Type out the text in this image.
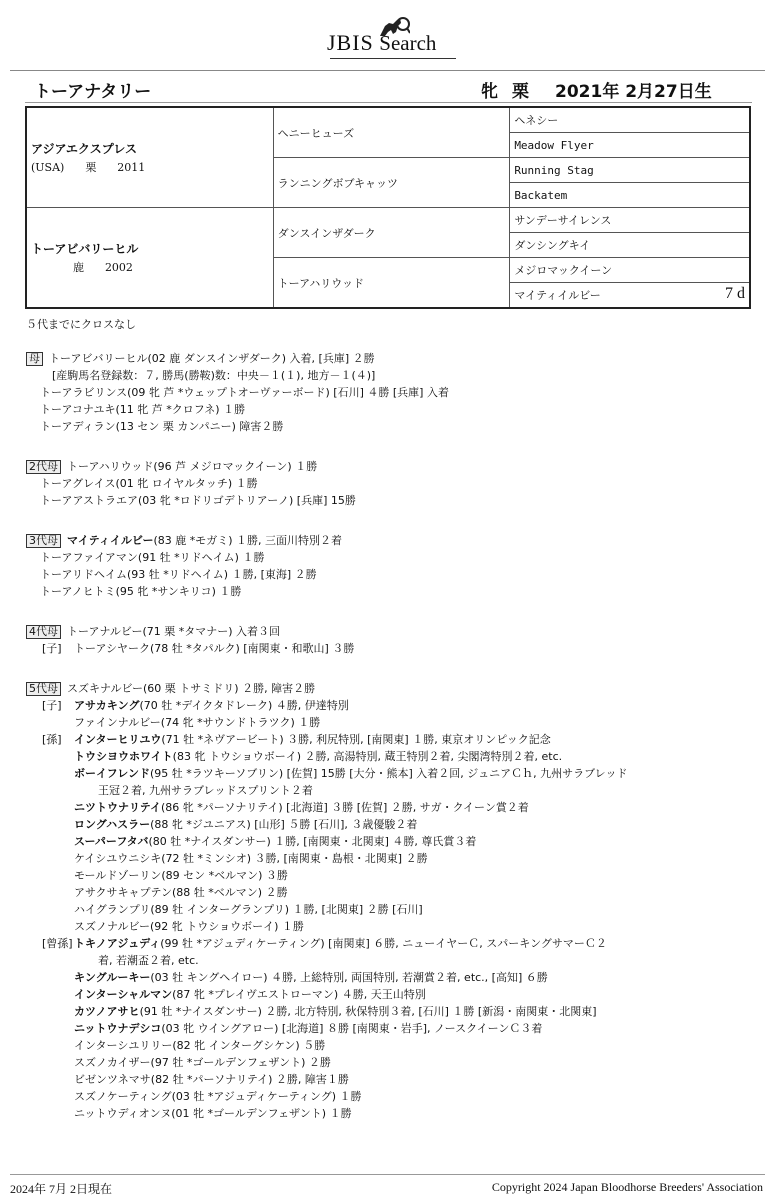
JBIS Search
トーアナタリー	牝 栗 2021年 2月27日生
アジアエクスプレス
(USA)      栗      2011	ヘニーヒューズ	ヘネシー
		Meadow Flyer
	ランニングボブキャッツ	Running Stag
		Backatem

トーアビバリーヒル
鹿      2002	ダンスインザダーク	サンデーサイレンス
		ダンシングキイ
	トーアハリウッド	メジロマックイーン
		マイティイルビー 7 d
５代までにクロスなし
母 トーアビバリーヒル(02 鹿 ダンスインザダーク) 入着, [兵庫] ２勝
[産駒馬名登録数：７, 勝馬(勝鞍)数：中央－１(１), 地方－１(４)]
トーアラビリンス(09 牝 芦 *ウェップトオーヴァーボード) [石川] ４勝 [兵庫] 入着
トーアコナユキ(11 牝 芦 *クロフネ) １勝
トーアディラン(13 セン 栗 カンパニー) 障害２勝
2代母 トーアハリウッド(96 芦 メジロマックイーン) １勝
トーアグレイス(01 牝 ロイヤルタッチ) １勝
トーアアストラエア(03 牝 *ロドリゴデトリアーノ) [兵庫] 15勝
3代母 マイティイルビー(83 鹿 *モガミ) １勝, 三面川特別２着
トーアファイアマン(91 牡 *リドヘイム) １勝
トーアリドヘイム(93 牡 *リドヘイム) １勝, [東海] ２勝
トーアノヒトミ(95 牝 *サンキリコ) １勝
4代母 トーアナルビー(71 栗 *タマナー) 入着３回
[子] トーアシヤーク(78 牡 *タパルク) [南関東・和歌山] ３勝
5代母 スズキナルビー(60 栗 トサミドリ) ２勝, 障害２勝
[子] アサカキング(70 牡 *デイクタドレーク) ４勝, 伊達特別
ファインナルビー(74 牝 *サウンドトラツク) １勝
[孫] インターヒリユウ(71 牡 *ネヴアービート) ３勝, 利尻特別, [南関東] １勝, 東京オリンピック記念
トウシヨウホワイト(83 牝 トウショウボーイ) ２勝, 高湯特別, 蔵王特別２着, 尖閣湾特別２着, etc.
ボーイフレンド(95 牡 *ラツキーソブリン) [佐賀] 15勝 [大分・熊本] 入着２回, ジュニアＣｈ, 九州サラブレッド
王冠２着, 九州サラブレッドスプリント２着
ニツトウナリテイ(86 牝 *パーソナリテイ) [北海道] ３勝 [佐賀] ２勝, サガ・クイーン賞２着
ロングハスラー(88 牝 *ジユニアス) [山形] ５勝 [石川], ３歳優駿２着
スーパーフタバ(80 牡 *ナイスダンサー) １勝, [南関東・北関東] ４勝, 尊氏賞３着
ケイシユウニシキ(72 牡 *ミンシオ) ３勝, [南関東・島根・北関東] ２勝
モールドゾーリン(89 セン *ベルマン) ３勝
アサクサキャプテン(88 牡 *ベルマン) ２勝
ハイグランプリ(89 牡 インターグランプリ) １勝, [北関東] ２勝 [石川]
スズノナルビー(92 牝 トウショウボーイ) １勝
[曾孫]トキノアジュディ(99 牡 *アジュディケーティング) [南関東] ６勝, ニューイヤーＣ, スパーキングサマーＣ２
着, 若潮盃２着, etc.
キングルーキー(03 牡 キングヘイロー) ４勝, 上総特別, 両国特別, 若潮賞２着, etc., [高知] ６勝
インターシャルマン(87 牝 *プレイヴエストローマン) ４勝, 天王山特別
カツノアサヒ(91 牡 *ナイスダンサー) ２勝, 北方特別, 秋保特別３着, [石川] １勝 [新潟・南関東・北関東]
ニットウナデシコ(03 牝 ウイングアロー) [北海道] ８勝 [南関東・岩手], ノースクイーンＣ３着
インターシユリリー(82 牝 インターグシケン) ５勝
スズノカイザー(97 牡 *ゴールデンフェザント) ２勝
ビゼンツネマサ(82 牡 *パーソナリテイ) ２勝, 障害１勝
スズノケーティング(03 牡 *アジュディケーティング) １勝
ニットウディオンヌ(01 牝 *ゴールデンフェザント) １勝
2024年 7月 2日現在	Copyright 2024 Japan Bloodhorse Breeders' Association
